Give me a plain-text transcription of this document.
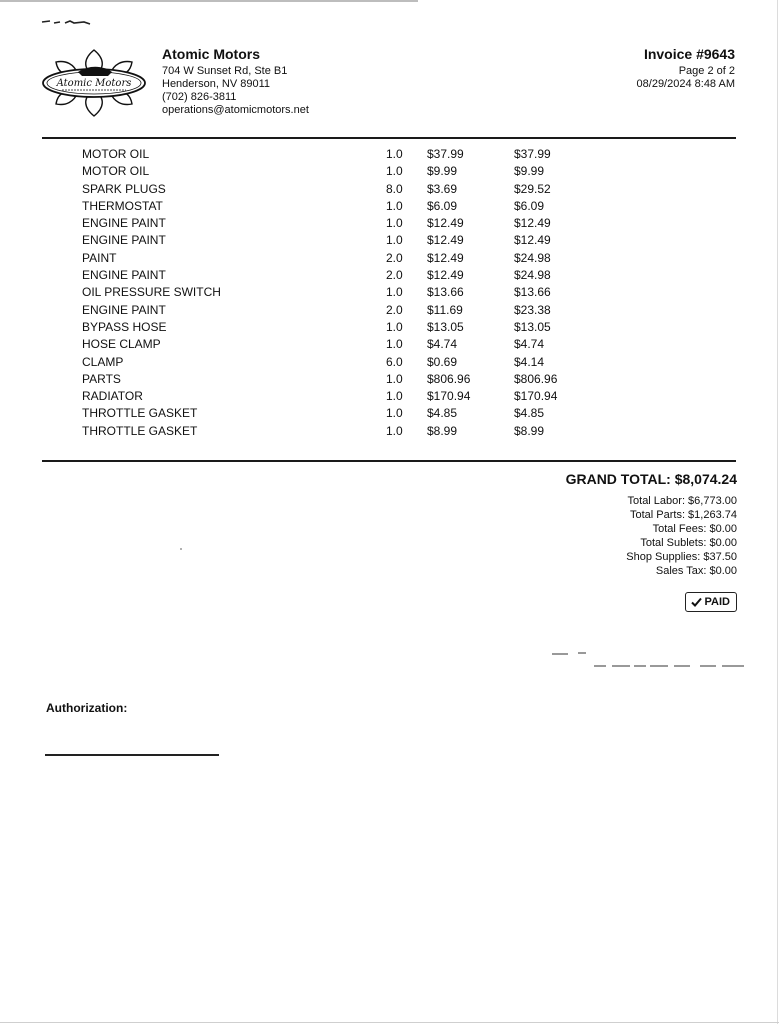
Atomic Motors
Atomic Motors
704 W Sunset Rd, Ste B1
Henderson, NV 89011
(702) 826-3811
operations@atomicmotors.net
Invoice #9643
Page 2 of 2
08/29/2024 8:48 AM
MOTOR OIL	1.0 $37.99	$37.99
MOTOR OIL	1.0 $9.99	$9.99
SPARK PLUGS	8.0 $3.69	$29.52
THERMOSTAT	1.0 $6.09	$6.09
ENGINE PAINT	1.0 $12.49	$12.49
ENGINE PAINT	1.0 $12.49	$12.49
PAINT	2.0 $12.49	$24.98
ENGINE PAINT	2.0 $12.49	$24.98
OIL PRESSURE SWITCH	1.0 $13.66	$13.66
ENGINE PAINT	2.0 $11.69	$23.38
BYPASS HOSE	1.0 $13.05	$13.05
HOSE CLAMP	1.0 $4.74	$4.74
CLAMP	6.0 $0.69	$4.14
PARTS	1.0 $806.96	$806.96
RADIATOR	1.0 $170.94	$170.94
THROTTLE GASKET	1.0 $4.85	$4.85
THROTTLE GASKET	1.0 $8.99	$8.99
GRAND TOTAL: $8,074.24
Total Labor: $6,773.00
Total Parts: $1,263.74
Total Fees: $0.00
Total Sublets: $0.00
Shop Supplies: $37.50
Sales Tax: $0.00
PAID
Authorization:
